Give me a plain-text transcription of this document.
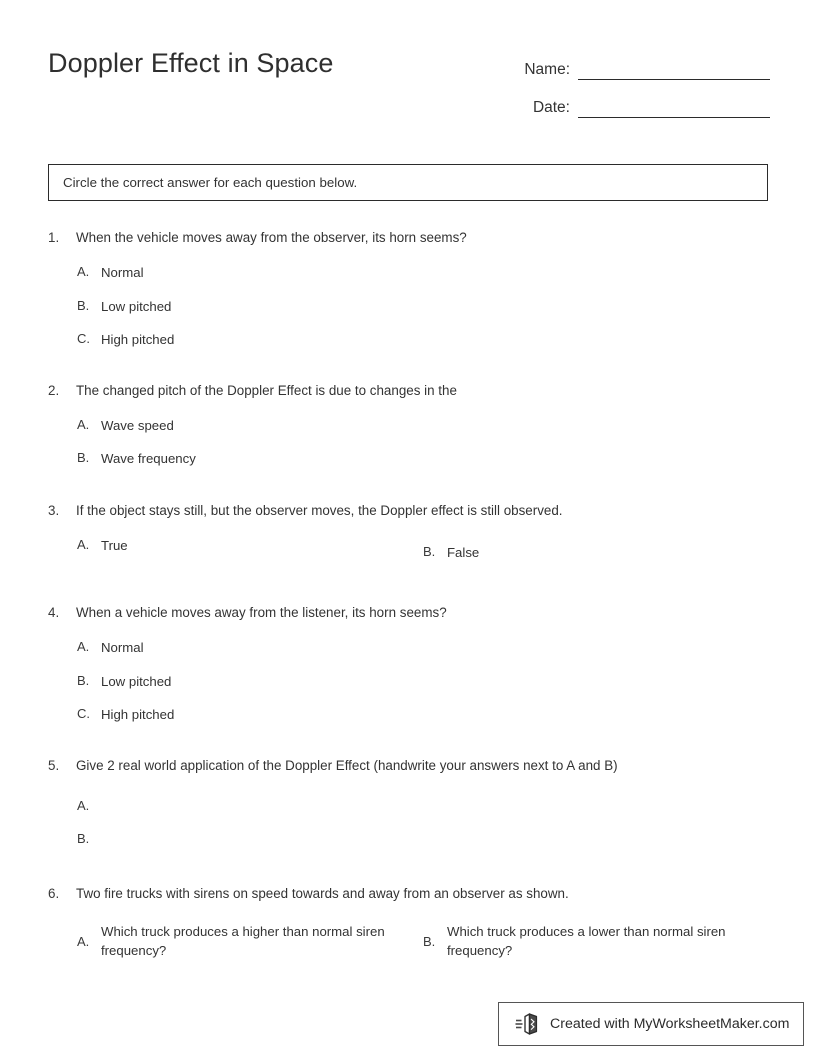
Doppler Effect in Space	Name:
Date:
Circle the correct answer for each question below.
1.	When the vehicle moves away from the observer, its horn seems?
A. Normal
B. Low pitched
C. High pitched
2.	The changed pitch of the Doppler Effect is due to changes in the
A. Wave speed
B. Wave frequency
3.	If the object stays still, but the observer moves, the Doppler effect is still observed.
A. True	B. False
4.	When a vehicle moves away from the listener, its horn seems?
A. Normal
B. Low pitched
C. High pitched
5.	Give 2 real world application of the Doppler Effect (handwrite your answers next to A and B)
A.
B.
6.	Two fire trucks with sirens on speed towards and away from an observer as shown.
A.
Which truck produces a higher than normal siren frequency?
B.
Which truck produces a lower than normal siren frequency?
Created with MyWorksheetMaker.com
